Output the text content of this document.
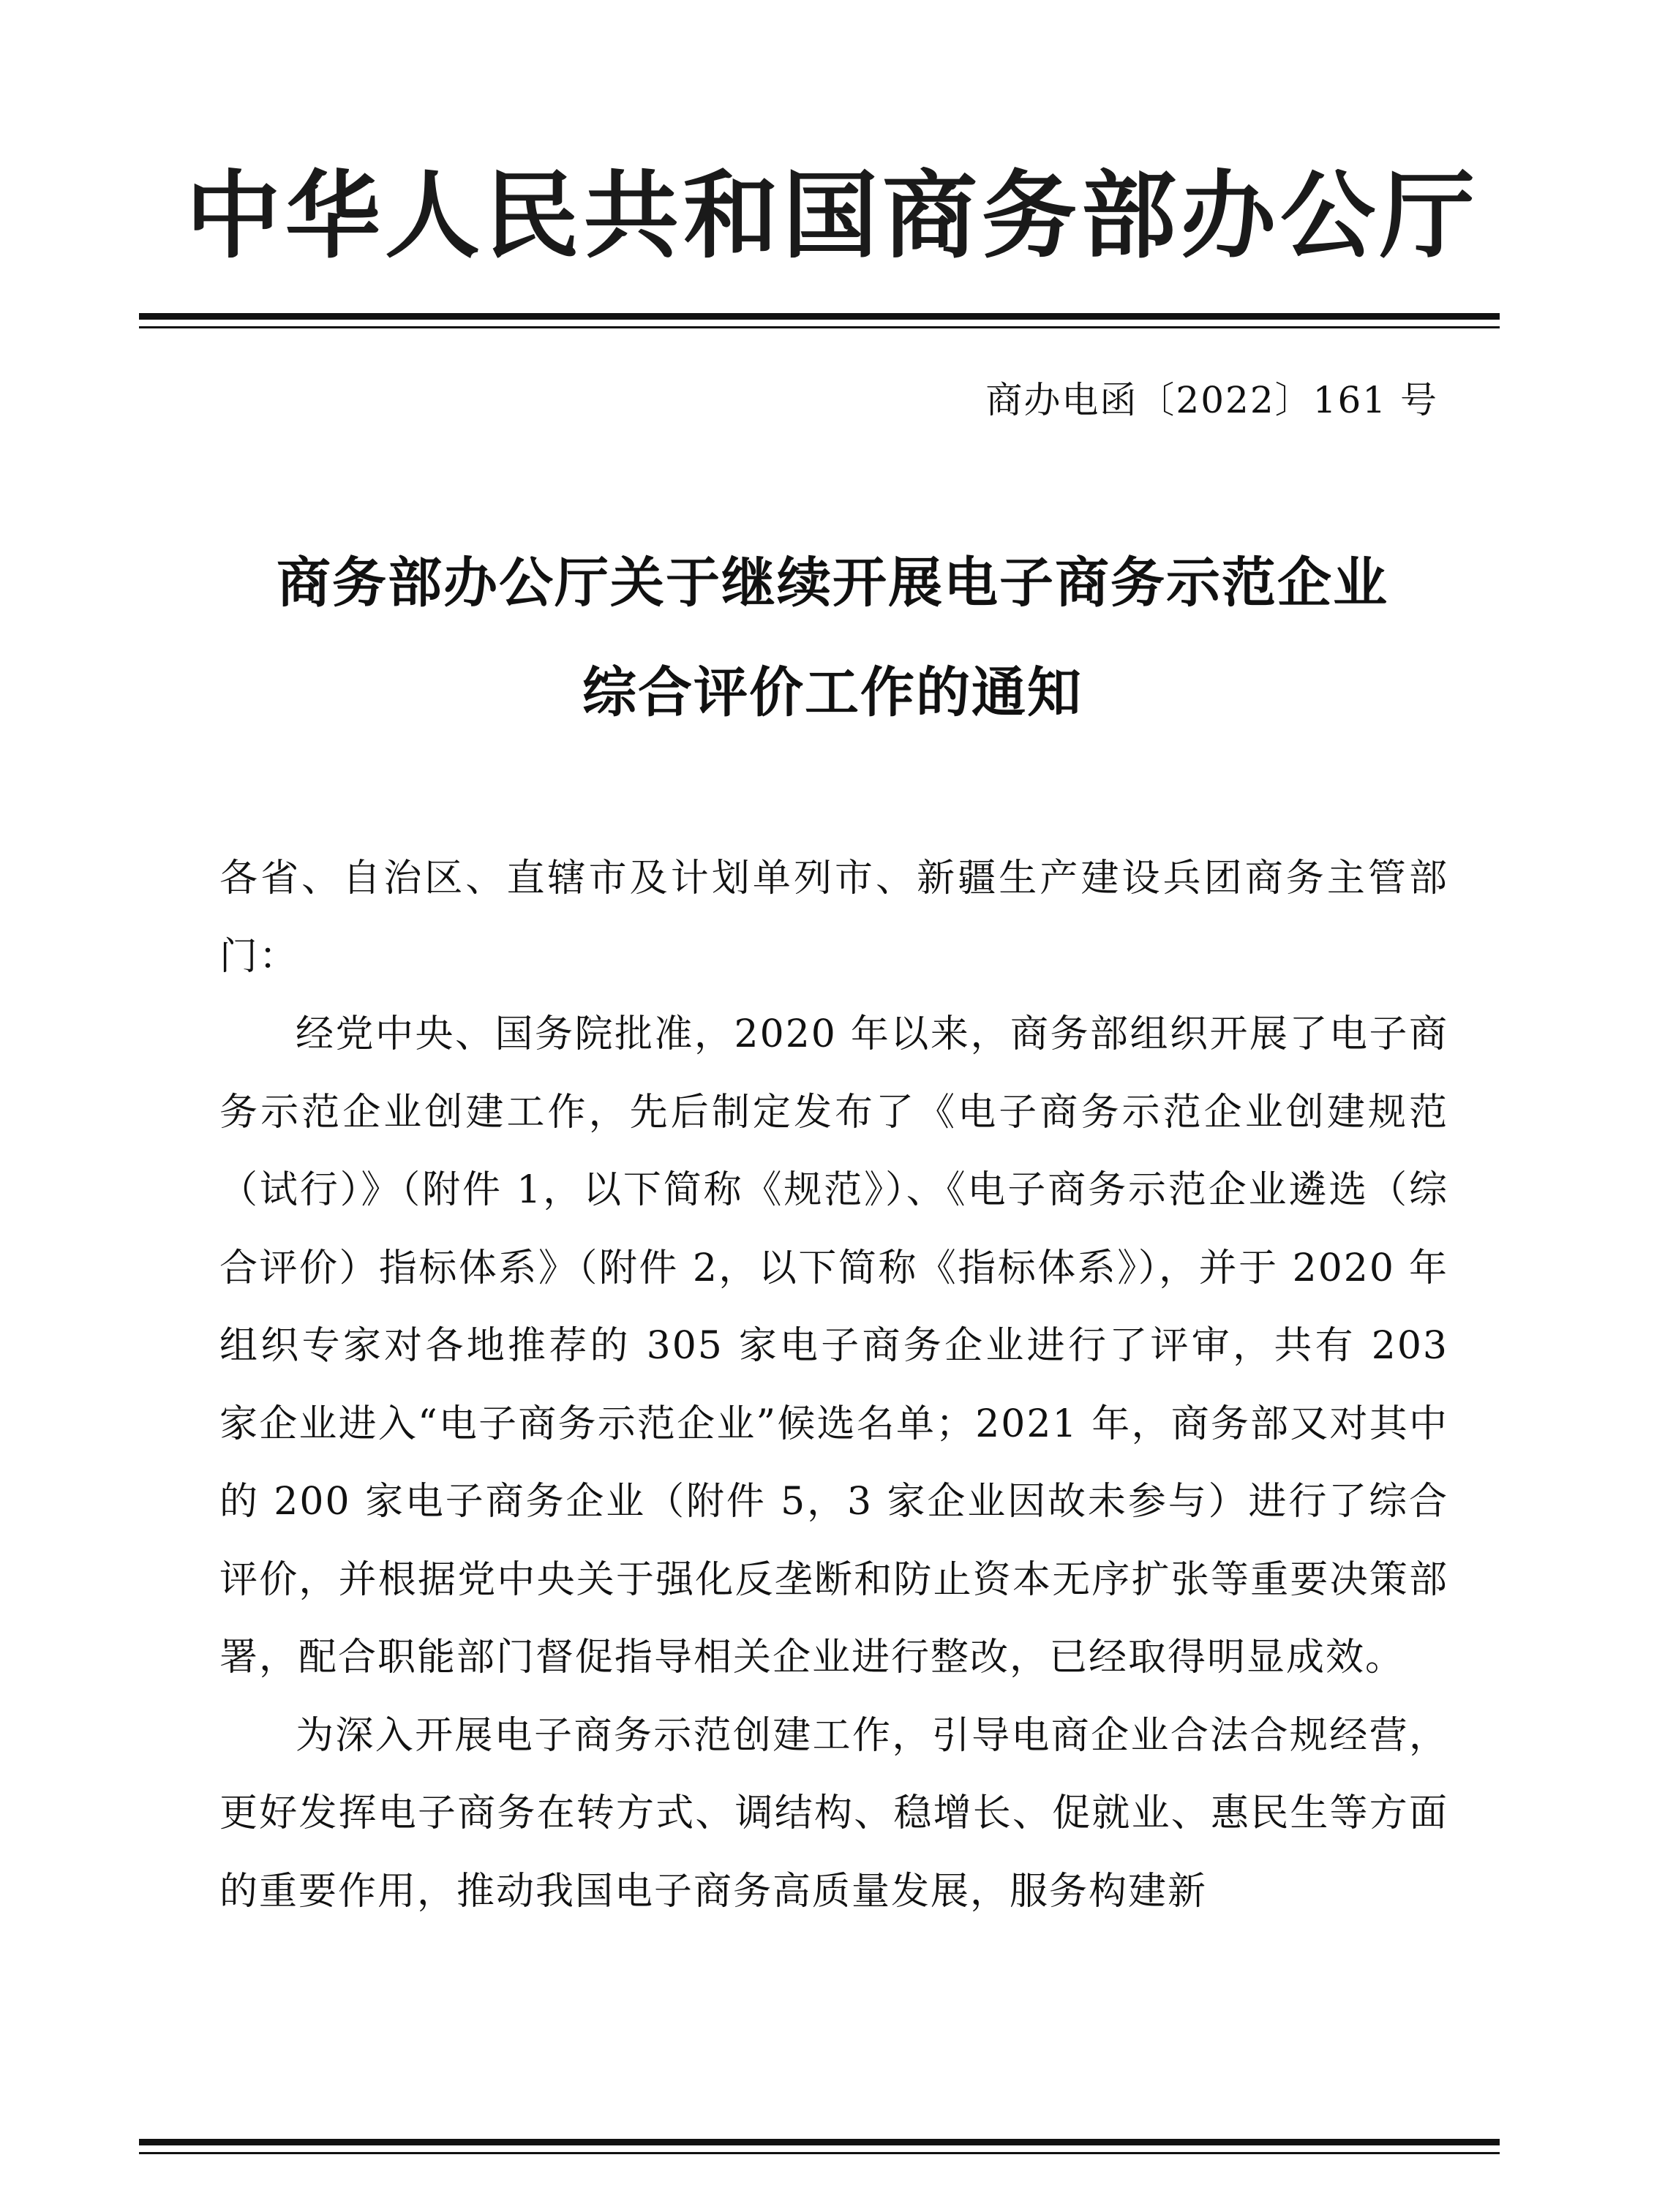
中华人民共和国商务部办公厅
商办电函〔2022〕161 号
商务部办公厅关于继续开展电子商务示范企业
综合评价工作的通知

各省、自治区、直辖市及计划单列市、新疆生产建设兵团商务主管部门：

经党中央、国务院批准，2020 年以来，商务部组织开展了电子商务示范企业创建工作，先后制定发布了《电子商务示范企业创建规范（试行）》（附件 1，以下简称《规范》）、《电子商务示范企业遴选（综合评价）指标体系》（附件 2，以下简称《指标体系》），并于 2020 年组织专家对各地推荐的 305 家电子商务企业进行了评审，共有 203 家企业进入“电子商务示范企业”候选名单；2021 年，商务部又对其中的 200 家电子商务企业（附件 5，3 家企业因故未参与）进行了综合评价，并根据党中央关于强化反垄断和防止资本无序扩张等重要决策部署，配合职能部门督促指导相关企业进行整改，已经取得明显成效。

为深入开展电子商务示范创建工作，引导电商企业合法合规经营，更好发挥电子商务在转方式、调结构、稳增长、促就业、惠民生等方面的重要作用，推动我国电子商务高质量发展，服务构建新
